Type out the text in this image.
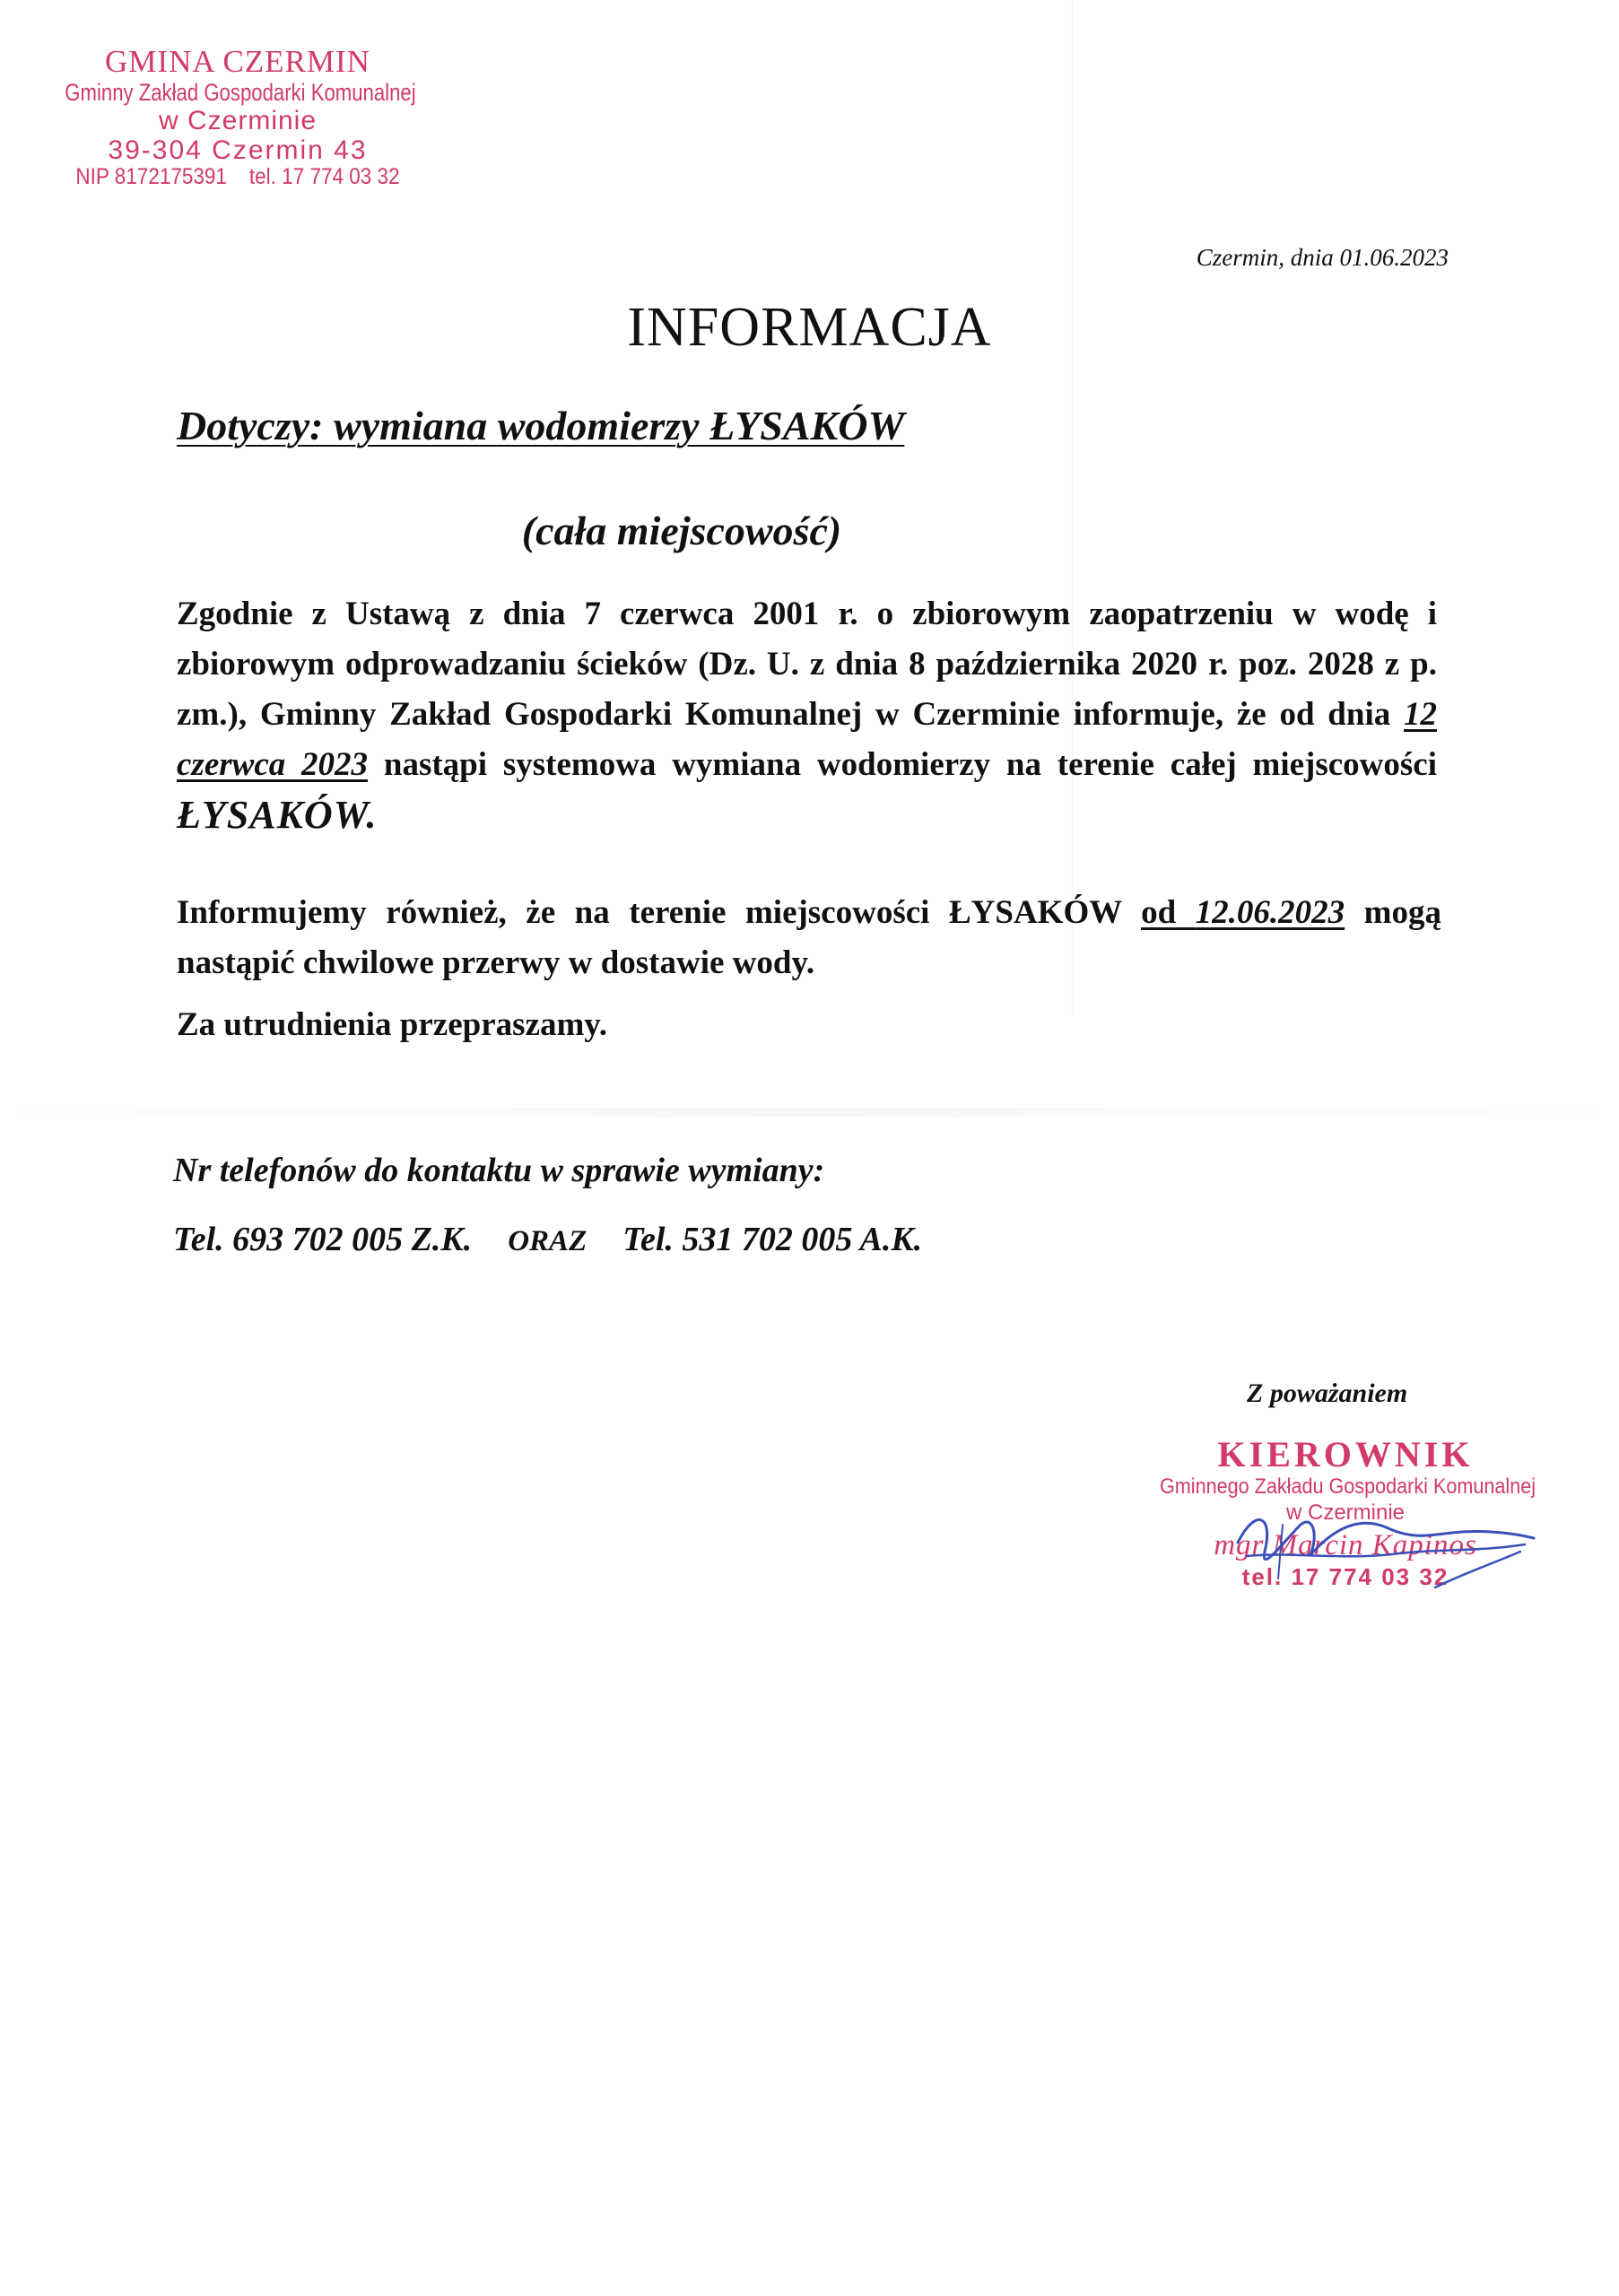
GMINA CZERMIN
Gminny Zakład Gospodarki Komunalnej
w Czerminie
39-304 Czermin 43
NIP 8172175391    tel. 17 774 03 32
Czermin, dnia 01.06.2023
INFORMACJA
Dotyczy: wymiana wodomierzy ŁYSAKÓW
(cała miejscowość)
Zgodnie z Ustawą z dnia 7 czerwca 2001 r. o zbiorowym zaopatrzeniu w wodę i zbiorowym odprowadzaniu ścieków (Dz. U. z dnia 8 października 2020 r. poz. 2028 z p. zm.), Gminny Zakład Gospodarki Komunalnej w Czerminie informuje, że od dnia 12 czerwca 2023 nastąpi systemowa wymiana wodomierzy na terenie całej miejscowości ŁYSAKÓW.
Informujemy również, że na terenie miejscowości ŁYSAKÓW od 12.06.2023 mogą nastąpić chwilowe przerwy w dostawie wody.
Za utrudnienia przepraszamy.
Nr telefonów do kontaktu w sprawie wymiany:
Tel. 693 702 005 Z.K. ORAZ Tel. 531 702 005 A.K.
Z poważaniem
KIEROWNIK
Gminnego Zakładu Gospodarki Komunalnej
w Czerminie
mgr Marcin Kapinos
tel. 17 774 03 32
